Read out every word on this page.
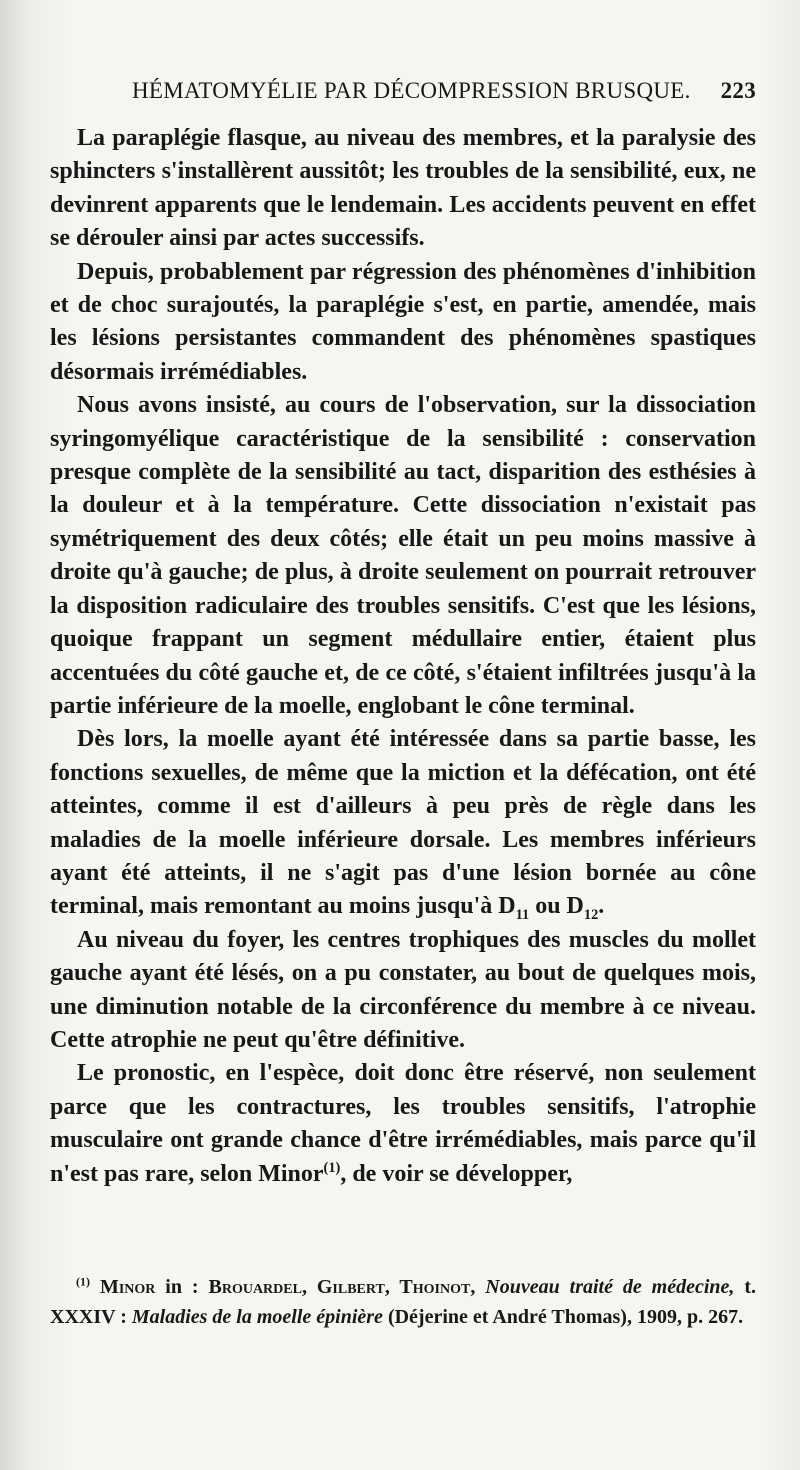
HÉMATOMYÉLIE PAR DÉCOMPRESSION BRUSQUE. 223

La paraplégie flasque, au niveau des membres, et la paralysie des sphincters s'installèrent aussitôt; les troubles de la sensibilité, eux, ne devinrent apparents que le lendemain. Les accidents peuvent en effet se dérouler ainsi par actes successifs.

Depuis, probablement par régression des phénomènes d'inhibition et de choc surajoutés, la paraplégie s'est, en partie, amendée, mais les lésions persistantes commandent des phénomènes spastiques désormais irrémédiables.

Nous avons insisté, au cours de l'observation, sur la dissociation syringomyélique caractéristique de la sensibilité : conservation presque complète de la sensibilité au tact, disparition des esthésies à la douleur et à la température. Cette dissociation n'existait pas symétriquement des deux côtés; elle était un peu moins massive à droite qu'à gauche; de plus, à droite seulement on pourrait retrouver la disposition radiculaire des troubles sensitifs. C'est que les lésions, quoique frappant un segment médullaire entier, étaient plus accentuées du côté gauche et, de ce côté, s'étaient infiltrées jusqu'à la partie inférieure de la moelle, englobant le cône terminal.

Dès lors, la moelle ayant été intéressée dans sa partie basse, les fonctions sexuelles, de même que la miction et la défécation, ont été atteintes, comme il est d'ailleurs à peu près de règle dans les maladies de la moelle inférieure dorsale. Les membres inférieurs ayant été atteints, il ne s'agit pas d'une lésion bornée au cône terminal, mais remontant au moins jusqu'à $D_{11}$ ou $D_{12}$.

Au niveau du foyer, les centres trophiques des muscles du mollet gauche ayant été lésés, on a pu constater, au bout de quelques mois, une diminution notable de la circonférence du membre à ce niveau. Cette atrophie ne peut qu'être définitive.

Le pronostic, en l'espèce, doit donc être réservé, non seulement parce que les contractures, les troubles sensitifs, l'atrophie musculaire ont grande chance d'être irrémédiables, mais parce qu'il n'est pas rare, selon Minor$^{(1)}$, de voir se développer,

$^{(1)}$ Minor in : Brouardel, Gilbert, Thoinot, Nouveau traité de médecine, t. XXXIV : Maladies de la moelle épinière (Déjerine et André Thomas), 1909, p. 267.
